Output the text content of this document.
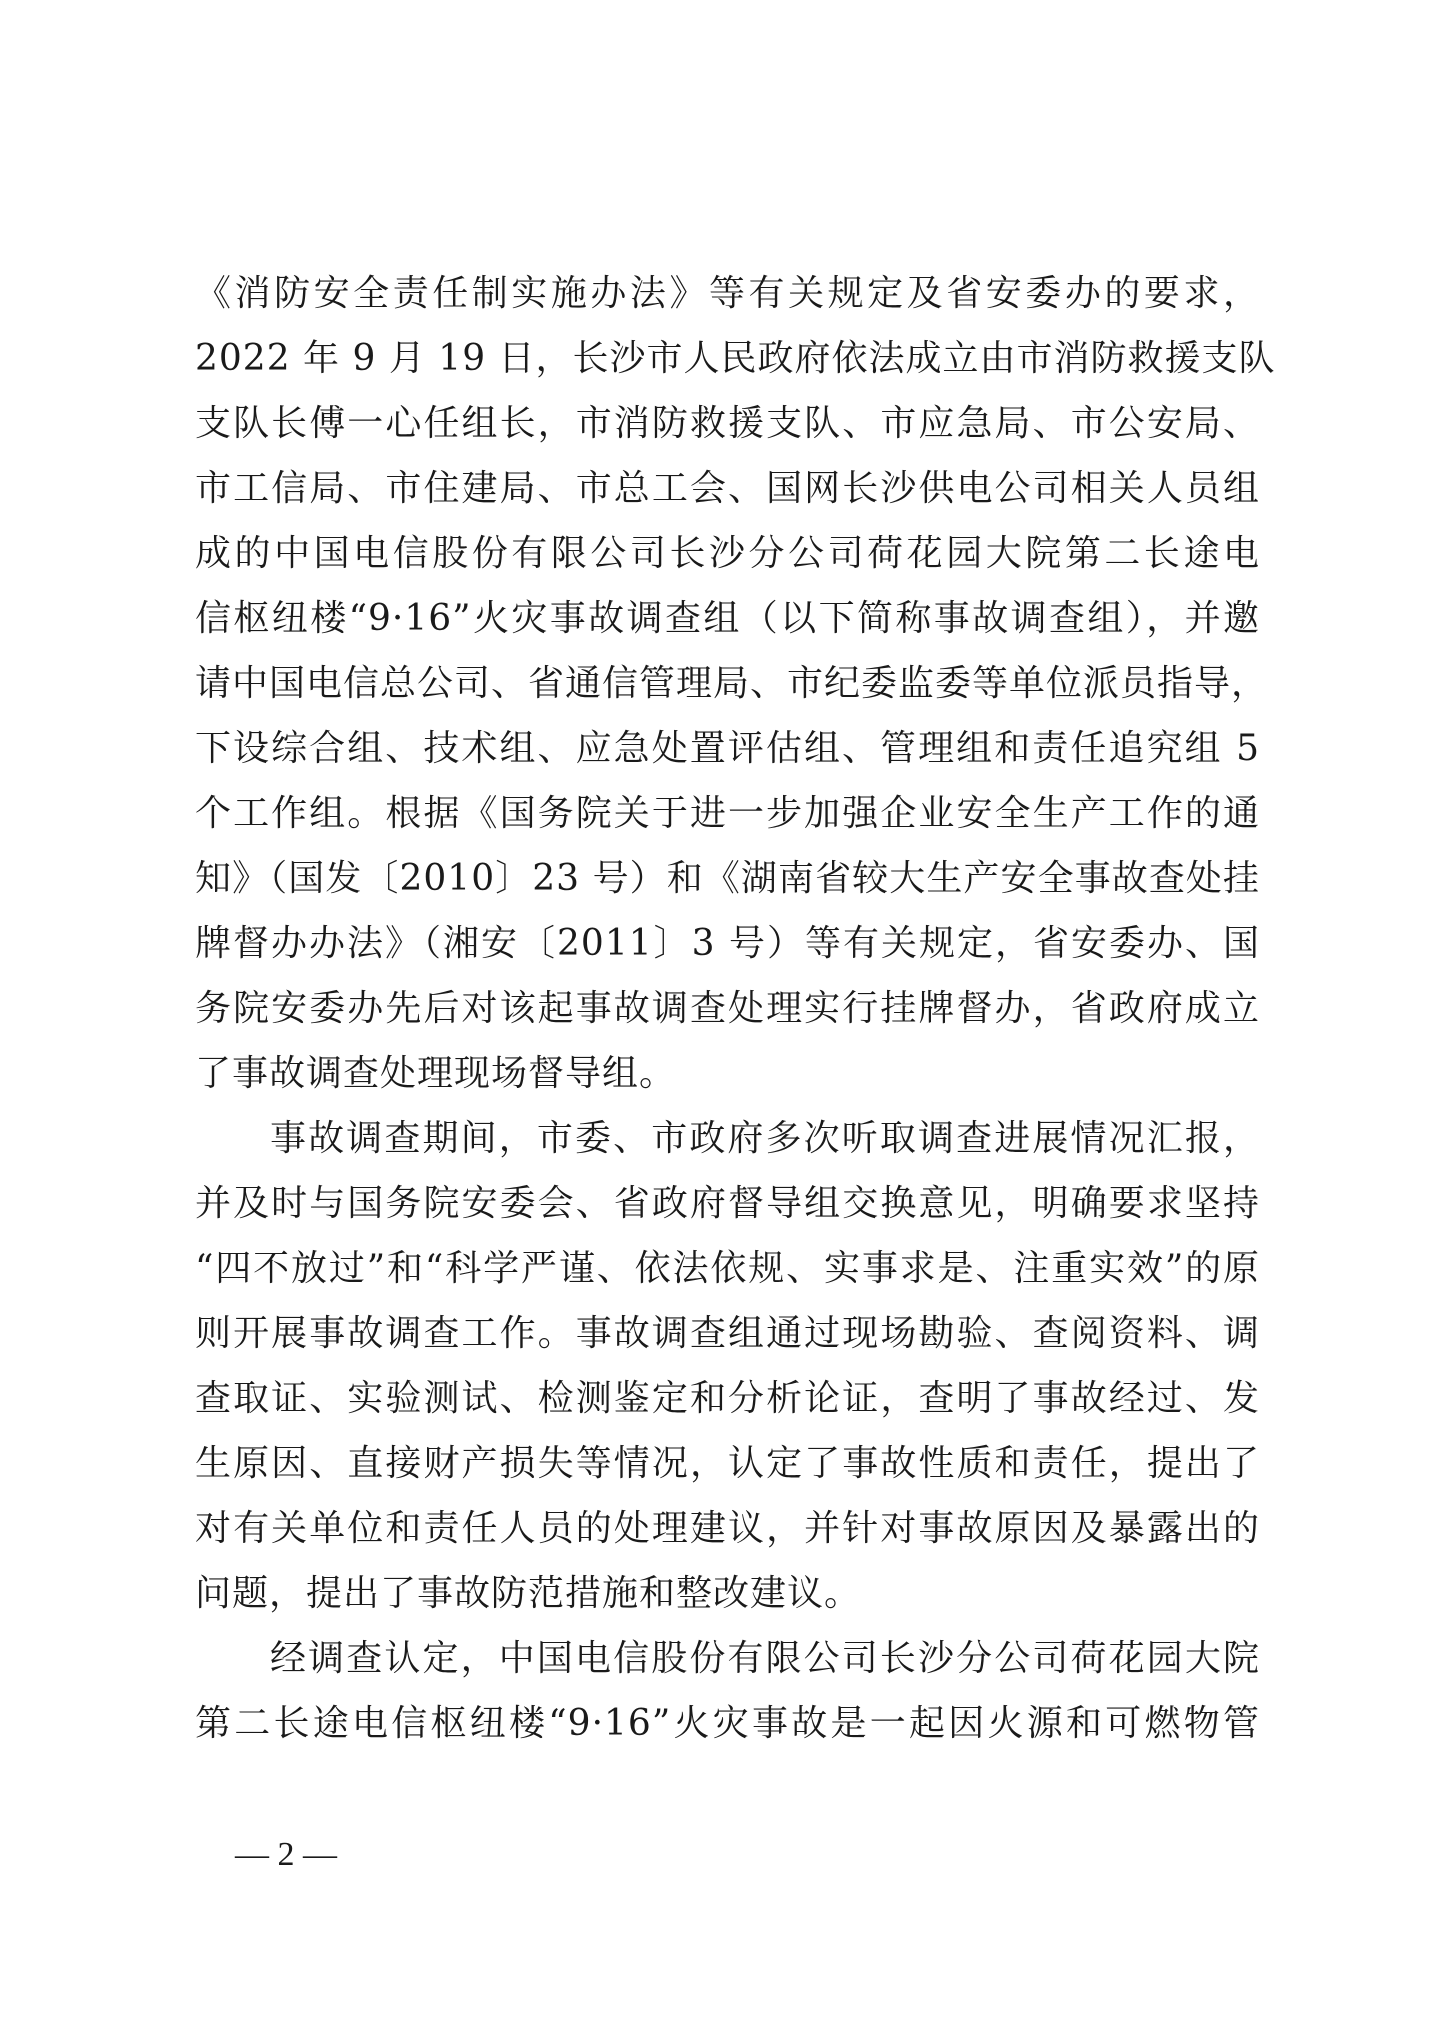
《消防安全责任制实施办法》等有关规定及省安委办的要求，
2022 年 9 月 19 日，长沙市人民政府依法成立由市消防救援支队
支队长傅一心任组长，市消防救援支队、市应急局、市公安局、
市工信局、市住建局、市总工会、国网长沙供电公司相关人员组
成的中国电信股份有限公司长沙分公司荷花园大院第二长途电
信枢纽楼“9·16”火灾事故调查组（以下简称事故调查组），并邀
请中国电信总公司、省通信管理局、市纪委监委等单位派员指导，
下设综合组、技术组、应急处置评估组、管理组和责任追究组 5
个工作组。根据《国务院关于进一步加强企业安全生产工作的通
知》（国发〔2010〕23 号）和《湖南省较大生产安全事故查处挂
牌督办办法》（湘安〔2011〕3 号）等有关规定，省安委办、国
务院安委办先后对该起事故调查处理实行挂牌督办，省政府成立
了事故调查处理现场督导组。
事故调查期间，市委、市政府多次听取调查进展情况汇报，
并及时与国务院安委会、省政府督导组交换意见，明确要求坚持
“四不放过”和“科学严谨、依法依规、实事求是、注重实效”的原
则开展事故调查工作。事故调查组通过现场勘验、查阅资料、调
查取证、实验测试、检测鉴定和分析论证，查明了事故经过、发
生原因、直接财产损失等情况，认定了事故性质和责任，提出了
对有关单位和责任人员的处理建议，并针对事故原因及暴露出的
问题，提出了事故防范措施和整改建议。
经调查认定，中国电信股份有限公司长沙分公司荷花园大院
第二长途电信枢纽楼“9·16”火灾事故是一起因火源和可燃物管
— 2 —
